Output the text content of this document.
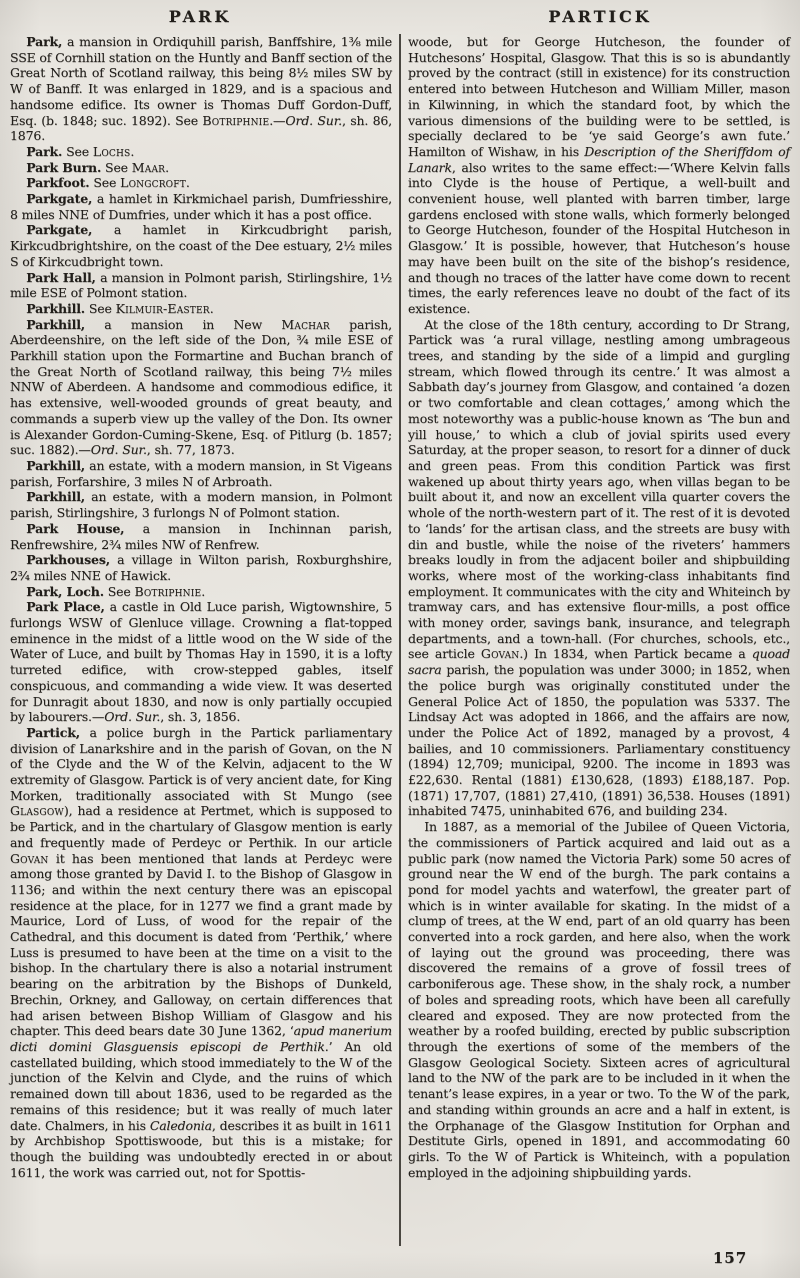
PARK	PARTICK

Park, a mansion in Ordiquhill parish, Banffshire, 1⅜ mile SSE of Cornhill station on the Huntly and Banff section of the Great North of Scotland railway, this being 8½ miles SW by W of Banff. It was enlarged in 1829, and is a spacious and handsome edifice. Its owner is Thomas Duff Gordon-Duff, Esq. (b. 1848; suc. 1892). See Botriphnie.—Ord. Sur., sh. 86, 1876.

Park. See Lochs.

Park Burn. See Maar.

Parkfoot. See Longcroft.

Parkgate, a hamlet in Kirkmichael parish, Dumfriesshire, 8 miles NNE of Dumfries, under which it has a post office.

Parkgate, a hamlet in Kirkcudbright parish, Kirkcudbrightshire, on the coast of the Dee estuary, 2½ miles S of Kirkcudbright town.

Park Hall, a mansion in Polmont parish, Stirlingshire, 1½ mile ESE of Polmont station.

Parkhill. See Kilmuir-Easter.

Parkhill, a mansion in New Machar parish, Aberdeenshire, on the left side of the Don, ¾ mile ESE of Parkhill station upon the Formartine and Buchan branch of the Great North of Scotland railway, this being 7½ miles NNW of Aberdeen. A handsome and commodious edifice, it has extensive, well-wooded grounds of great beauty, and commands a superb view up the valley of the Don. Its owner is Alexander Gordon-Cuming-Skene, Esq. of Pitlurg (b. 1857; suc. 1882).—Ord. Sur., sh. 77, 1873.

Parkhill, an estate, with a modern mansion, in St Vigeans parish, Forfarshire, 3 miles N of Arbroath.

Parkhill, an estate, with a modern mansion, in Polmont parish, Stirlingshire, 3 furlongs N of Polmont station.

Park House, a mansion in Inchinnan parish, Renfrewshire, 2¾ miles NW of Renfrew.

Parkhouses, a village in Wilton parish, Roxburghshire, 2¾ miles NNE of Hawick.

Park, Loch. See Botriphnie.

Park Place, a castle in Old Luce parish, Wigtownshire, 5 furlongs WSW of Glenluce village. Crowning a flat-topped eminence in the midst of a little wood on the W side of the Water of Luce, and built by Thomas Hay in 1590, it is a lofty turreted edifice, with crow-stepped gables, itself conspicuous, and commanding a wide view. It was deserted for Dunragit about 1830, and now is only partially occupied by labourers.—Ord. Sur., sh. 3, 1856.

Partick, a police burgh in the Partick parliamentary division of Lanarkshire and in the parish of Govan, on the N of the Clyde and the W of the Kelvin, adjacent to the W extremity of Glasgow. Partick is of very ancient date, for King Morken, traditionally associated with St Mungo (see Glasgow), had a residence at Pertmet, which is supposed to be Partick, and in the chartulary of Glasgow mention is early and frequently made of Perdeyc or Perthik. In our article Govan it has been mentioned that lands at Perdeyc were among those granted by David I. to the Bishop of Glasgow in 1136; and within the next century there was an episcopal residence at the place, for in 1277 we find a grant made by Maurice, Lord of Luss, of wood for the repair of the Cathedral, and this document is dated from ‘Perthik,’ where Luss is presumed to have been at the time on a visit to the bishop. In the chartulary there is also a notarial instrument bearing on the arbitration by the Bishops of Dunkeld, Brechin, Orkney, and Galloway, on certain differences that had arisen between Bishop William of Glasgow and his chapter. This deed bears date 30 June 1362, ‘apud manerium dicti domini Glasguensis episcopi de Perthik.’ An old castellated building, which stood immediately to the W of the junction of the Kelvin and Clyde, and the ruins of which remained down till about 1836, used to be regarded as the remains of this residence; but it was really of much later date. Chalmers, in his Caledonia, describes it as built in 1611 by Archbishop Spottiswoode, but this is a mistake; for though the building was undoubtedly erected in or about 1611, the work was carried out, not for Spottis-

woode, but for George Hutcheson, the founder of Hutchesons’ Hospital, Glasgow. That this is so is abundantly proved by the contract (still in existence) for its construction entered into between Hutcheson and William Miller, mason in Kilwinning, in which the standard foot, by which the various dimensions of the building were to be settled, is specially declared to be ‘ye said George’s awn fute.’ Hamilton of Wishaw, in his Description of the Sheriffdom of Lanark, also writes to the same effect:—‘Where Kelvin falls into Clyde is the house of Pertique, a well-built and convenient house, well planted with barren timber, large gardens enclosed with stone walls, which formerly belonged to George Hutcheson, founder of the Hospital Hutcheson in Glasgow.’ It is possible, however, that Hutcheson’s house may have been built on the site of the bishop’s residence, and though no traces of the latter have come down to recent times, the early references leave no doubt of the fact of its existence.

At the close of the 18th century, according to Dr Strang, Partick was ‘a rural village, nestling among umbrageous trees, and standing by the side of a limpid and gurgling stream, which flowed through its centre.’ It was almost a Sabbath day’s journey from Glasgow, and contained ‘a dozen or two comfortable and clean cottages,’ among which the most noteworthy was a public-house known as ‘The bun and yill house,’ to which a club of jovial spirits used every Saturday, at the proper season, to resort for a dinner of duck and green peas. From this condition Partick was first wakened up about thirty years ago, when villas began to be built about it, and now an excellent villa quarter covers the whole of the north-western part of it. The rest of it is devoted to ‘lands’ for the artisan class, and the streets are busy with din and bustle, while the noise of the riveters’ hammers breaks loudly in from the adjacent boiler and shipbuilding works, where most of the working-class inhabitants find employment. It communicates with the city and Whiteinch by tramway cars, and has extensive flour-mills, a post office with money order, savings bank, insurance, and telegraph departments, and a town-hall. (For churches, schools, etc., see article Govan.) In 1834, when Partick became a quoad sacra parish, the population was under 3000; in 1852, when the police burgh was originally constituted under the General Police Act of 1850, the population was 5337. The Lindsay Act was adopted in 1866, and the affairs are now, under the Police Act of 1892, managed by a provost, 4 bailies, and 10 commissioners. Parliamentary constituency (1894) 12,709; municipal, 9200. The income in 1893 was £22,630. Rental (1881) £130,628, (1893) £188,187. Pop. (1871) 17,707, (1881) 27,410, (1891) 36,538. Houses (1891) inhabited 7475, uninhabited 676, and building 234.

In 1887, as a memorial of the Jubilee of Queen Victoria, the commissioners of Partick acquired and laid out as a public park (now named the Victoria Park) some 50 acres of ground near the W end of the burgh. The park contains a pond for model yachts and waterfowl, the greater part of which is in winter available for skating. In the midst of a clump of trees, at the W end, part of an old quarry has been converted into a rock garden, and here also, when the work of laying out the ground was proceeding, there was discovered the remains of a grove of fossil trees of carboniferous age. These show, in the shaly rock, a number of boles and spreading roots, which have been all carefully cleared and exposed. They are now protected from the weather by a roofed building, erected by public subscription through the exertions of some of the members of the Glasgow Geological Society. Sixteen acres of agricultural land to the NW of the park are to be included in it when the tenant’s lease expires, in a year or two. To the W of the park, and standing within grounds an acre and a half in extent, is the Orphanage of the Glasgow Institution for Orphan and Destitute Girls, opened in 1891, and accommodating 60 girls. To the W of Partick is Whiteinch, with a population employed in the adjoining shipbuilding yards.

157
